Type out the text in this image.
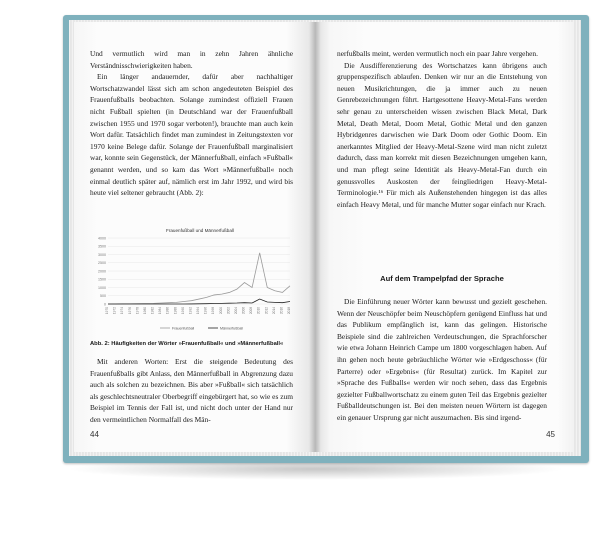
Und vermutlich wird man in zehn Jahren ähnliche Verständnisschwierigkeiten haben.

Ein länger andauernder, dafür aber nachhaltiger Wortschatzwandel lässt sich am schon angedeuteten Beispiel des Frauenfußballs beobachten. Solange zumindest offiziell Frauen nicht Fußball spielten (in Deutschland war der Frauenfußball zwischen 1955 und 1970 sogar verboten!), brauchte man auch kein Wort dafür. Tatsächlich findet man zumindest in Zeitungstexten vor 1970 keine Belege dafür. Solange der Frauenfußball marginalisiert war, konnte sein Gegenstück, der Männerfußball, einfach »Fußball« genannt werden, und so kam das Wort »Männerfußball« noch einmal deutlich später auf, nämlich erst im Jahr 1992, und wird bis heute viel seltener gebraucht (Abb. 2):

Frauenfußball und Männerfußball
0
500
1000
1500
2000
2500
3000
3500
4000
1970 1972 1974 1976 1978 1980 1982 1984 1986 1988 1990 1992 1994 1996 1998 2000 2002 2004 2006 2008 2010 2012 2014 2016 2018
Frauenfußball	Männerfußball
Abb. 2: Häufigkeiten der Wörter »Frauenfußball« und »Männerfußball«

Mit anderen Worten: Erst die steigende Bedeutung des Frauenfußballs gibt Anlass, den Männerfußball in Abgrenzung dazu auch als solchen zu bezeichnen. Bis aber »Fußball« sich tatsächlich als geschlechtsneutraler Oberbegriff eingebürgert hat, so wie es zum Beispiel im Tennis der Fall ist, und nicht doch unter der Hand nur den vermeintlichen Normalfall des Män-

44

nerfußballs meint, werden vermutlich noch ein paar Jahre vergehen.

Die Ausdifferenzierung des Wortschatzes kann übrigens auch gruppenspezifisch ablaufen. Denken wir nur an die Entstehung von neuen Musikrichtungen, die ja immer auch zu neuen Genrebezeichnungen führt. Hartgesottene Heavy-Metal-Fans werden sehr genau zu unterscheiden wissen zwischen Black Metal, Dark Metal, Death Metal, Doom Metal, Gothic Metal und den ganzen Hybridgenres darwischen wie Dark Doom oder Gothic Doom. Ein anerkanntes Mitglied der Heavy-Metal-Szene wird man nicht zuletzt dadurch, dass man korrekt mit diesen Bezeichnungen umgehen kann, und man pflegt seine Identität als Heavy-Metal-Fan durch ein genussvolles Auskosten der feingliedrigen Heavy-Metal-Terminologie.¹⁶ Für mich als Außenstehenden hingegen ist das alles einfach Heavy Metal, und für manche Mutter sogar einfach nur Krach.

Auf dem Trampelpfad der Sprache

Die Einführung neuer Wörter kann bewusst und gezielt geschehen. Wenn der Neuschöpfer beim Neuschöpfern genügend Einfluss hat und das Publikum empfänglich ist, kann das gelingen. Historische Beispiele sind die zahlreichen Verdeutschungen, die Sprachforscher wie etwa Johann Heinrich Campe um 1800 vorgeschlagen haben. Auf ihn gehen noch heute gebräuchliche Wörter wie »Erdgeschoss« (für Parterre) oder »Ergebnis« (für Resultat) zurück. Im Kapitel zur »Sprache des Fußballs« werden wir noch sehen, dass das Ergebnis gezielter Fußballwortschatz zu einem guten Teil das Ergebnis gezielter Fußballdeutschungen ist. Bei den meisten neuen Wörtern ist dagegen ein genauer Ursprung gar nicht auszumachen. Bis sind irgend-

45
